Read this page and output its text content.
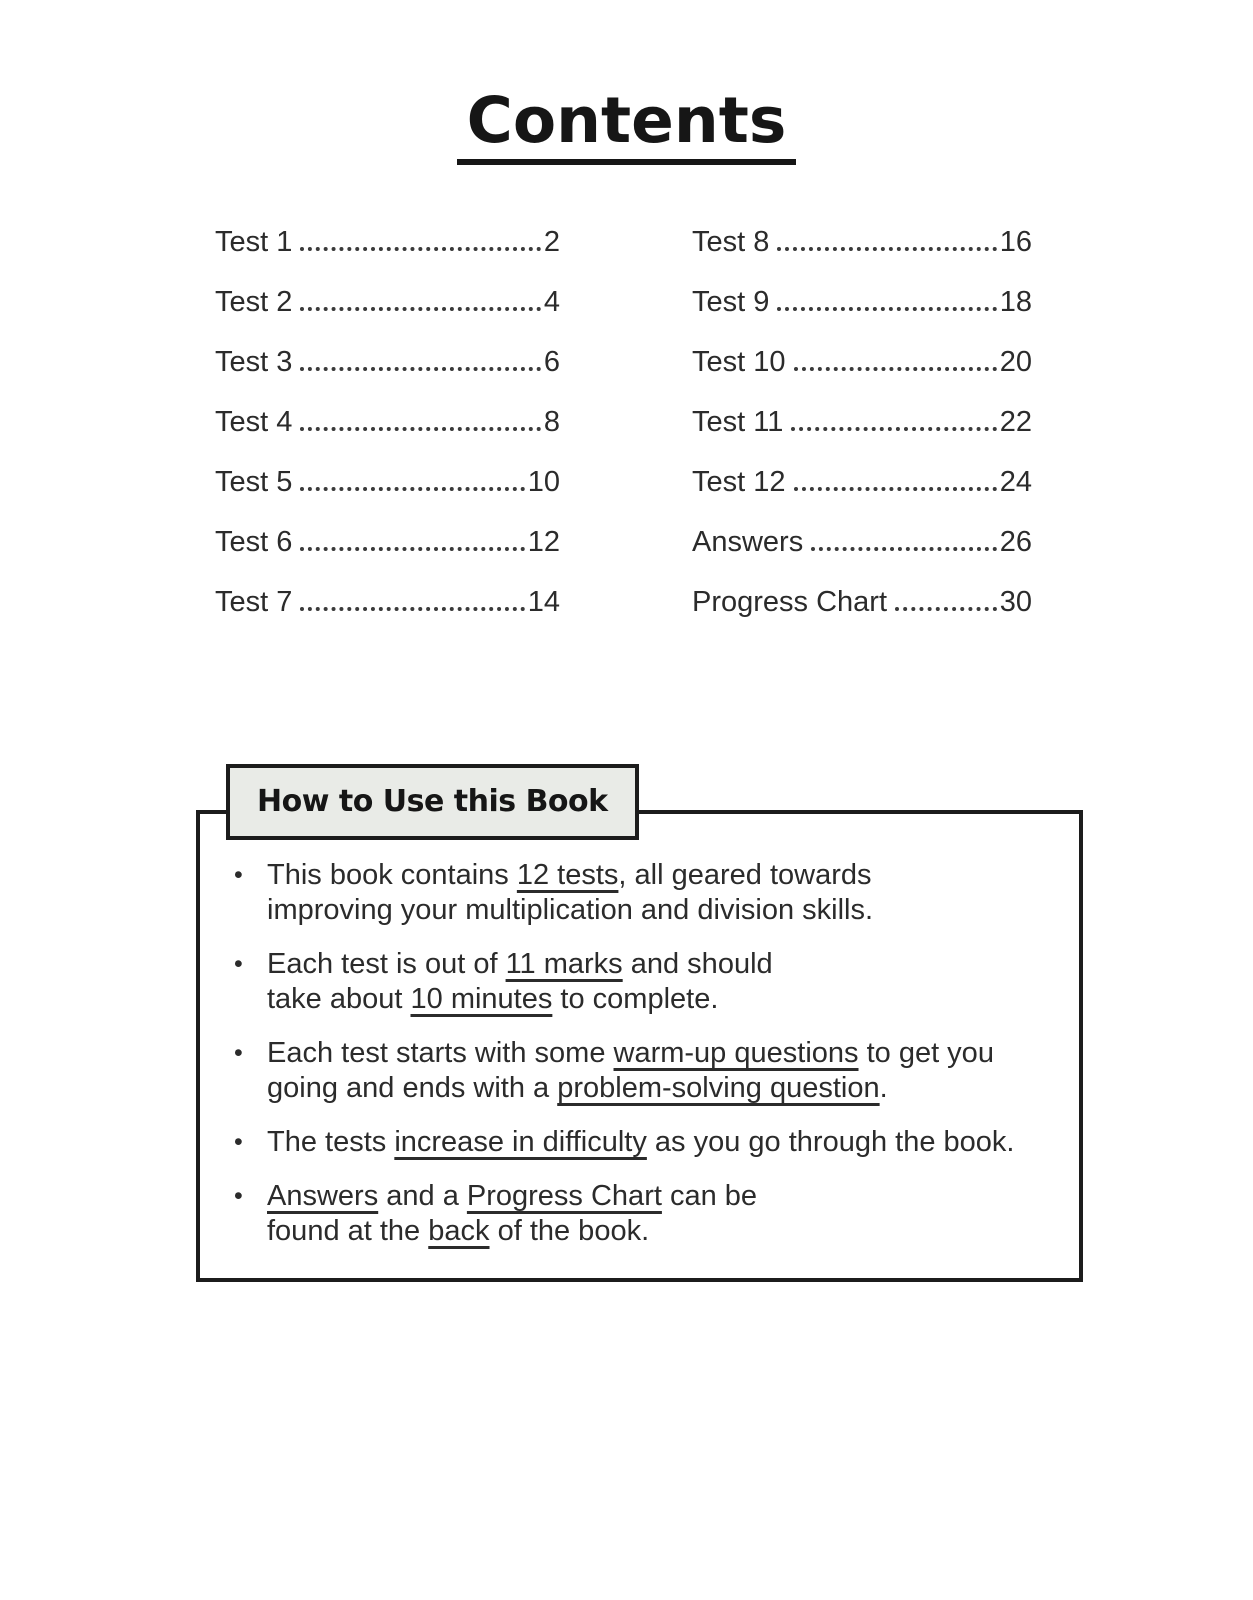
Contents
Test 1	2
Test 2	4
Test 3	6
Test 4	8
Test 5	10
Test 6	12
Test 7	14
Test 8	16
Test 9	18
Test 10	20
Test 11	22
Test 12	24
Answers	26
Progress Chart	30
How to Use this Book
• This book contains 12 tests, all geared towards
improving your multiplication and division skills.
• Each test is out of 11 marks and should
take about 10 minutes to complete.
• Each test starts with some warm-up questions to get you
going and ends with a problem-solving question.
• The tests increase in difficulty as you go through the book.
• Answers and a Progress Chart can be
found at the back of the book.
